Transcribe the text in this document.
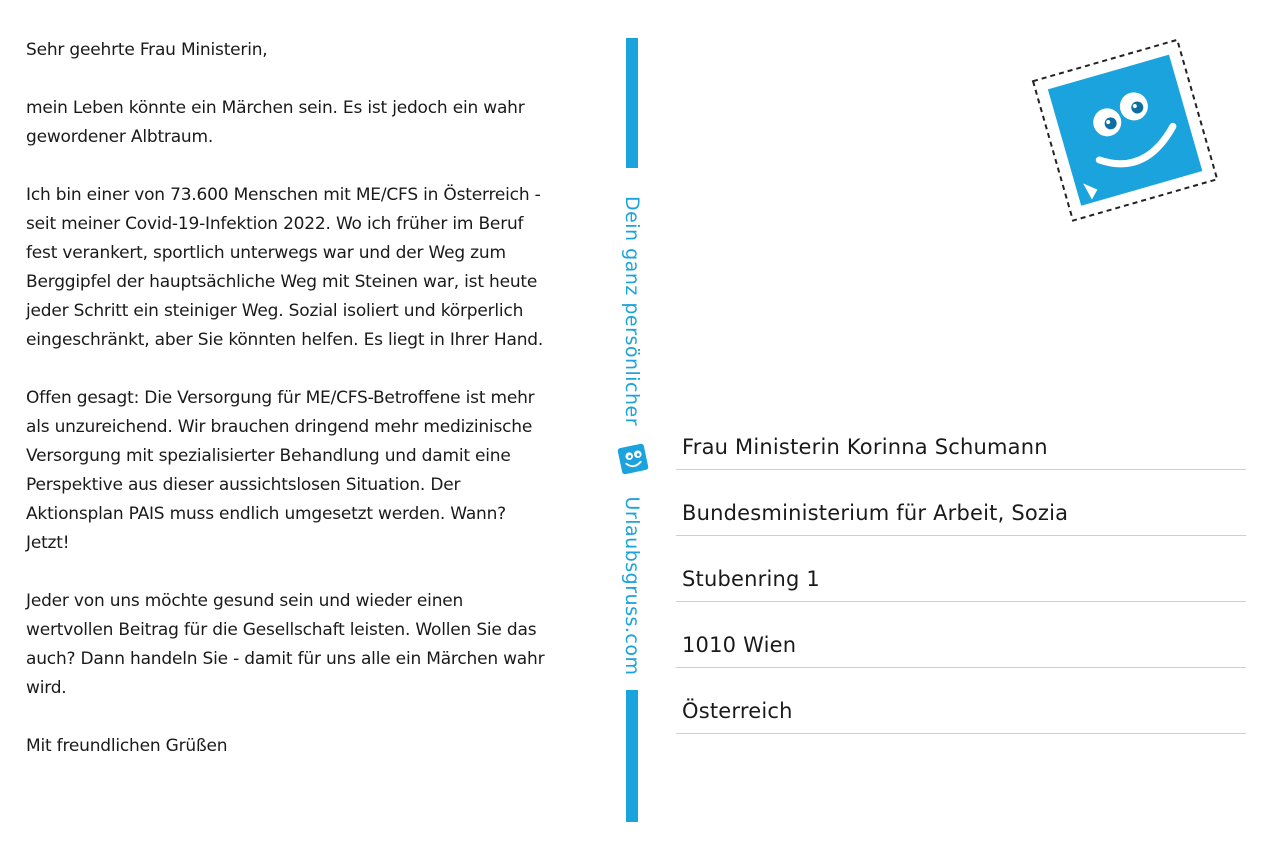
Sehr geehrte Frau Ministerin,

mein Leben könnte ein Märchen sein. Es ist jedoch ein wahr

gewordener Albtraum.

Ich bin einer von 73.600 Menschen mit ME/CFS in Österreich -

seit meiner Covid-19-Infektion 2022. Wo ich früher im Beruf

fest verankert, sportlich unterwegs war und der Weg zum

Berggipfel der hauptsächliche Weg mit Steinen war, ist heute

jeder Schritt ein steiniger Weg. Sozial isoliert und körperlich

eingeschränkt, aber Sie könnten helfen. Es liegt in Ihrer Hand.

Offen gesagt: Die Versorgung für ME/CFS-Betroffene ist mehr

als unzureichend. Wir brauchen dringend mehr medizinische

Versorgung mit spezialisierter Behandlung und damit eine

Perspektive aus dieser aussichtslosen Situation. Der

Aktionsplan PAIS muss endlich umgesetzt werden. Wann?

Jetzt!

Jeder von uns möchte gesund sein und wieder einen

wertvollen Beitrag für die Gesellschaft leisten. Wollen Sie das

auch? Dann handeln Sie - damit für uns alle ein Märchen wahr

wird.

Mit freundlichen Grüßen

Dein ganz persönlicher
Urlaubsgruss.com
Frau Ministerin Korinna Schumann
Bundesministerium für Arbeit, Sozia
Stubenring 1
1010 Wien
Österreich
